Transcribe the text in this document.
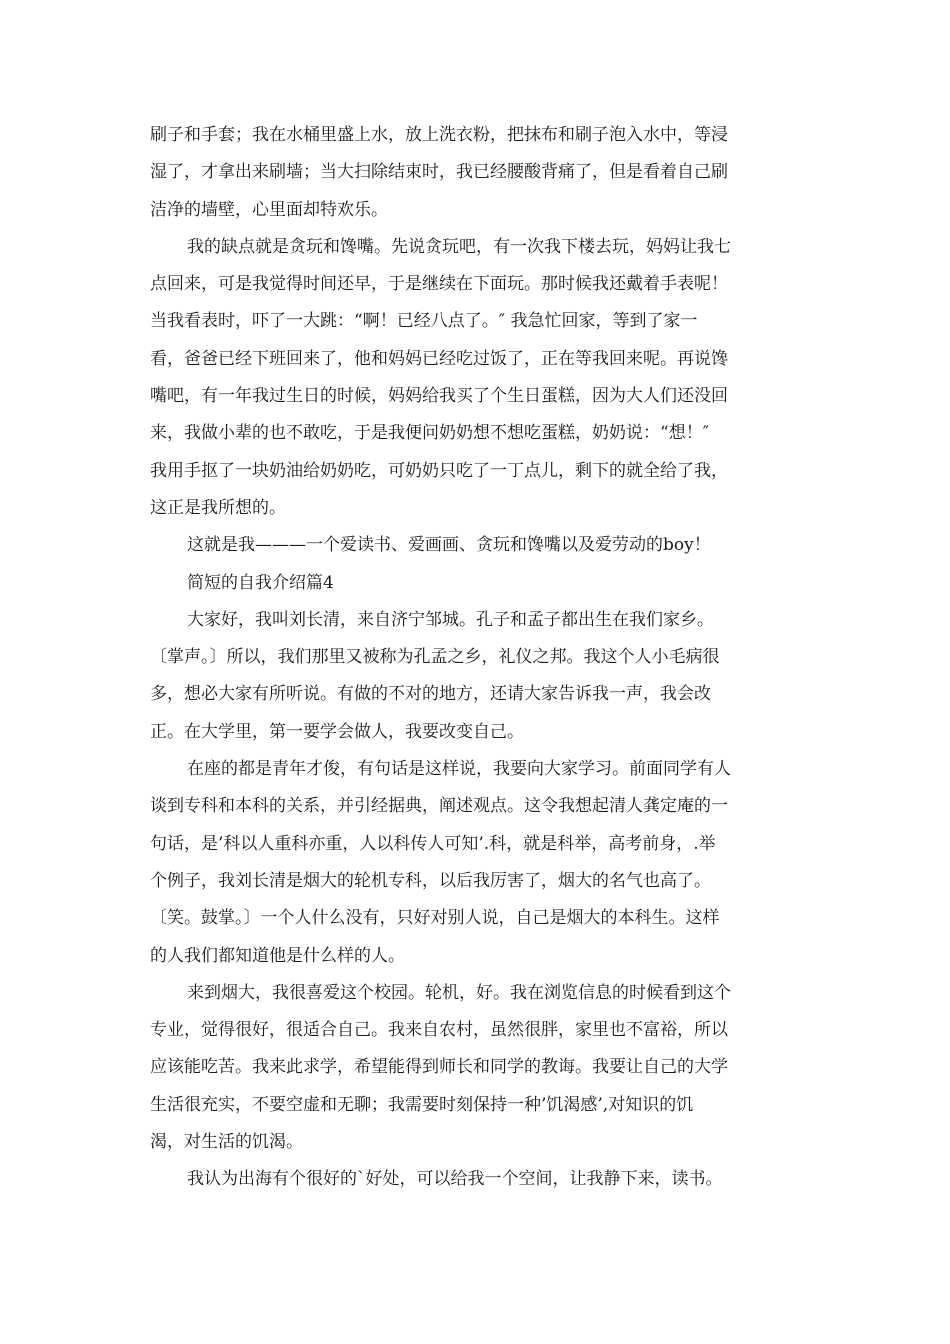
刷子和手套；我在水桶里盛上水，放上洗衣粉，把抹布和刷子泡入水中，等浸
湿了，才拿出来刷墙；当大扫除结束时，我已经腰酸背痛了，但是看着自己刷
洁净的墙壁，心里面却特欢乐。
我的缺点就是贪玩和馋嘴。先说贪玩吧，有一次我下楼去玩，妈妈让我七
点回来，可是我觉得时间还早，于是继续在下面玩。那时候我还戴着手表呢！
当我看表时，吓了一大跳：“啊！已经八点了。″ 我急忙回家，等到了家一
看，爸爸已经下班回来了，他和妈妈已经吃过饭了，正在等我回来呢。再说馋
嘴吧，有一年我过生日的时候，妈妈给我买了个生日蛋糕，因为大人们还没回
来，我做小辈的也不敢吃，于是我便问奶奶想不想吃蛋糕，奶奶说：“想！″
我用手抠了一块奶油给奶奶吃，可奶奶只吃了一丁点儿，剩下的就全给了我，
这正是我所想的。
这就是我———一个爱读书、爱画画、贪玩和馋嘴以及爱劳动的boy！
简短的自我介绍篇4
大家好，我叫刘长清，来自济宁邹城。孔子和孟子都出生在我们家乡。
〔掌声。〕所以，我们那里又被称为孔孟之乡，礼仪之邦。我这个人小毛病很
多，想必大家有所听说。有做的不对的地方，还请大家告诉我一声，我会改
正。在大学里，第一要学会做人，我要改变自己。
在座的都是青年才俊，有句话是这样说，我要向大家学习。前面同学有人
谈到专科和本科的关系，并引经据典，阐述观点。这令我想起清人龚定庵的一
句话，是’科以人重科亦重，人以科传人可知’.科，就是科举，高考前身，.举
个例子，我刘长清是烟大的轮机专科，以后我厉害了，烟大的名气也高了。
〔笑。鼓掌。〕一个人什么没有，只好对别人说，自己是烟大的本科生。这样
的人我们都知道他是什么样的人。
来到烟大，我很喜爱这个校园。轮机，好。我在浏览信息的时候看到这个
专业，觉得很好，很适合自己。我来自农村，虽然很胖，家里也不富裕，所以
应该能吃苦。我来此求学，希望能得到师长和同学的教诲。我要让自己的大学
生活很充实，不要空虚和无聊；我需要时刻保持一种’饥渴感’,对知识的饥
渴，对生活的饥渴。
我认为出海有个很好的`好处，可以给我一个空间，让我静下来，读书。
